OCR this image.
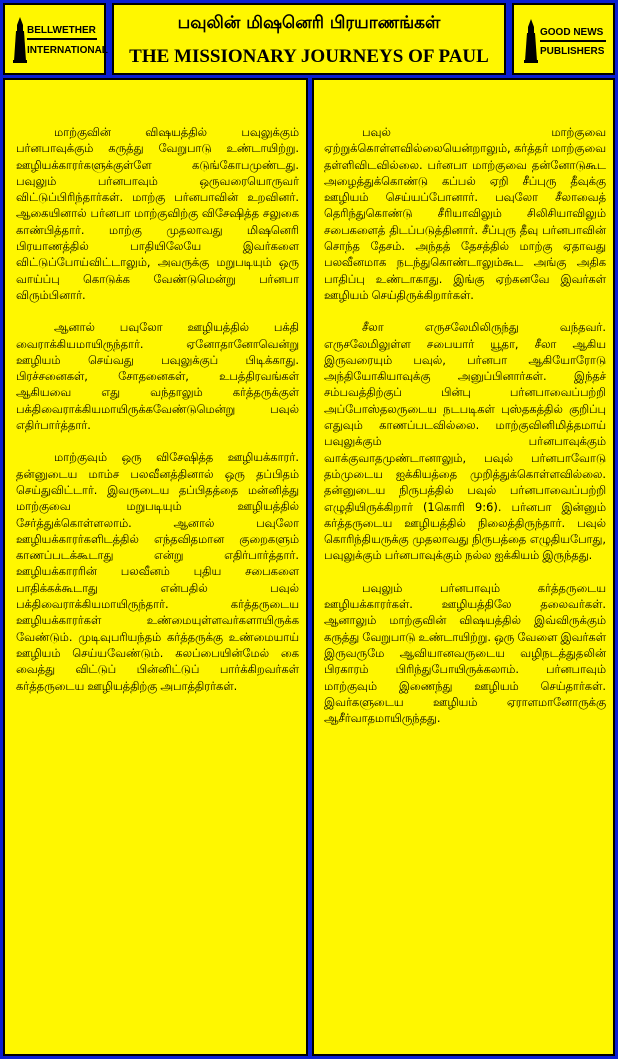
BELLWETHER
INTERNATIONAL
பவுலின் மிஷனெரி பிரயாணங்கள்
THE MISSIONARY JOURNEYS OF PAUL
GOOD NEWS
PUBLISHERS

மாற்குவின் விஷயத்தில் பவுலுக்கும் பர்னபாவுக்கும் கருத்து வேறுபாடு உண்டாயிற்று. ஊழியக்காரர்களுக்குள்ளே கடுங்கோபமுண்டது. பவுலும் பர்னபாவும் ஒருவரையொருவர் விட்டுப்பிரிந்தார்கள். மாற்கு பர்னபாவின் உறவினர். ஆகையினால் பர்னபா மாற்குவிற்கு விசேஷித்த சலுகை காண்பித்தார். மாற்கு முதலாவது மிஷனெரி பிரயாணத்தில் பாதியிலேயே இவர்களை விட்டுப்போய்விட்டாலும், அவருக்கு மறுபடியும் ஒரு வாய்ப்பு கொடுக்க வேண்டுமென்று பர்னபா விரும்பினார்.

ஆனால் பவுலோ ஊழியத்தில் பக்தி வைராக்கியமாயிருந்தார். ஏனோதானோவென்று ஊழியம் செய்வது பவுலுக்குப் பிடிக்காது. பிரச்சனைகள், சோதனைகள், உபத்திரவங்கள் ஆகியவை எது வந்தாலும் கர்த்தருக்குள் பக்திவைராக்கியமாயிருக்கவேண்டுமென்று பவுல் எதிர்பார்த்தார்.

மாற்குவும் ஒரு விசேஷித்த ஊழியக்காரர். தன்னுடைய மாம்ச பலவீனத்தினால் ஒரு தப்பிதம் செய்துவிட்டார். இவருடைய தப்பிதத்தை மன்னித்து மாற்குவை மறுபடியும் ஊழியத்தில் சேர்த்துக்கொள்ளலாம். ஆனால் பவுலோ ஊழியக்காரர்களிடத்தில் எந்தவிதமான குறைகளும் காணப்படக்கூடாது என்று எதிர்பார்த்தார். ஊழியக்காரரின் பலவீனம் புதிய சபைகளை பாதிக்கக்கூடாது என்பதில் பவுல் பக்திவைராக்கியமாயிருந்தார். கர்த்தருடைய ஊழியக்காரர்கள் உண்மையுள்ளவர்களாயிருக்க வேண்டும். முடிவுபரியந்தம் கர்த்தருக்கு உண்மையாய் ஊழியம் செய்யவேண்டும். கலப்பையின்மேல் கை வைத்து விட்டுப் பின்னிட்டுப் பார்க்கிறவர்கள் கர்த்தருடைய ஊழியத்திற்கு அபாத்திரர்கள்.

பவுல் மாற்குவை ஏற்றுக்கொள்ளவில்லையென்றாலும், கர்த்தர் மாற்குவை தள்ளிவிடவில்லை. பர்னபா மாற்குவை தன்னோடுகூட அழைத்துக்கொண்டு கப்பல் ஏறி சீப்புரு தீவுக்கு ஊழியம் செய்யப்போனார். பவுலோ சீலாவைத் தெரிந்துகொண்டு சீரியாவிலும் சிலிசியாவிலும் சபைகளைத் திடப்படுத்தினார். சீப்புரு தீவு பர்னபாவின் சொந்த தேசம். அந்தத் தேசத்தில் மாற்கு ஏதாவது பலவீனமாக நடந்துகொண்டாலும்கூட அங்கு அதிக பாதிப்பு உண்டாகாது. இங்கு ஏற்கனவே இவர்கள் ஊழியம் செய்திருக்கிறார்கள்.

சீலா எருசலேமிலிருந்து வந்தவர். எருசலேமிலுள்ள சபையார் யூதா, சீலா ஆகிய இருவரையும் பவுல், பர்னபா ஆகியோரோடு அந்தியோகியாவுக்கு அனுப்பினார்கள். இந்தச் சம்பவத்திற்குப் பின்பு பர்னபாவைப்பற்றி அப்போஸ்தலருடைய நடபடிகள் புஸ்தகத்தில் குறிப்பு எதுவும் காணப்படவில்லை. மாற்குவினிமித்தமாய் பவுலுக்கும் பர்னபாவுக்கும் வாக்குவாதமுண்டானாலும், பவுல் பர்னபாவோடு தம்முடைய ஐக்கியத்தை முறித்துக்கொள்ளவில்லை. தன்னுடைய நிருபத்தில் பவுல் பர்னபாவைப்பற்றி எழுதியிருக்கிறார் (1கொரி 9:6). பர்னபா இன்னும் கர்த்தருடைய ஊழியத்தில் நிலைத்திருந்தார். பவுல் கொரிந்தியருக்கு முதலாவது நிருபத்தை எழுதியபோது, பவுலுக்கும் பர்னபாவுக்கும் நல்ல ஐக்கியம் இருந்தது.

பவுலும் பர்னபாவும் கர்த்தருடைய ஊழியக்காரர்கள். ஊழியத்திலே தலைவர்கள். ஆனாலும் மாற்குவின் விஷயத்தில் இவ்விருக்கும் கருத்து வேறுபாடு உண்டாயிற்று. ஒரு வேளை இவர்கள் இருவருமே ஆவியானவருடைய வழிநடத்துதலின் பிரகாரம் பிரிந்துபோயிருக்கலாம். பர்னபாவும் மாற்குவும் இணைந்து ஊழியம் செய்தார்கள். இவர்களுடைய ஊழியம் ஏராளமானோருக்கு ஆசீர்வாதமாயிருந்தது.
